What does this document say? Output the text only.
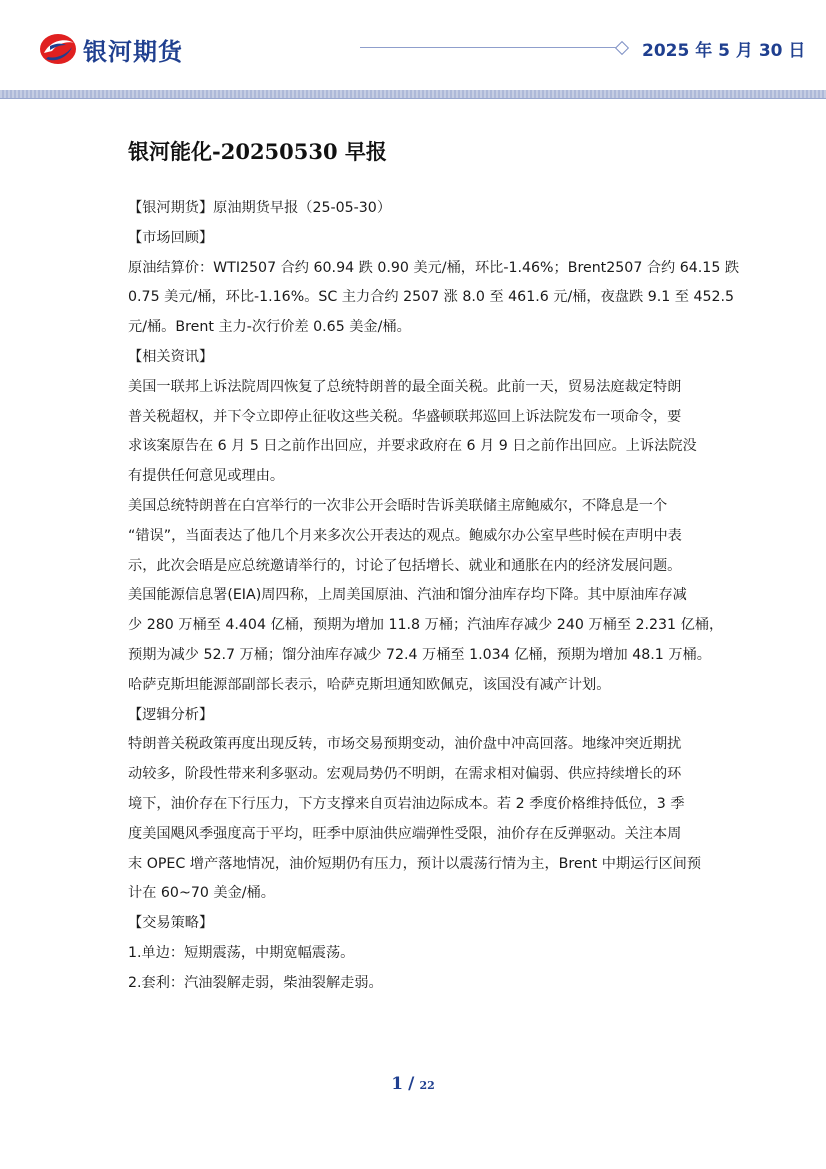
银河期货	2025 年 5 月 30 日
银河能化-20250530 早报

【银河期货】原油期货早报（25-05-30）

【市场回顾】

原油结算价：WTI2507 合约 60.94 跌 0.90 美元/桶，环比-1.46%；Brent2507 合约 64.15 跌

0.75 美元/桶，环比-1.16%。SC 主力合约 2507 涨 8.0 至 461.6 元/桶，夜盘跌 9.1 至 452.5

元/桶。Brent 主力-次行价差 0.65 美金/桶。

【相关资讯】

美国一联邦上诉法院周四恢复了总统特朗普的最全面关税。此前一天，贸易法庭裁定特朗

普关税超权，并下令立即停止征收这些关税。华盛顿联邦巡回上诉法院发布一项命令，要

求该案原告在 6 月 5 日之前作出回应，并要求政府在 6 月 9 日之前作出回应。上诉法院没

有提供任何意见或理由。

美国总统特朗普在白宫举行的一次非公开会晤时告诉美联储主席鲍威尔，不降息是一个

“错误”，当面表达了他几个月来多次公开表达的观点。鲍威尔办公室早些时候在声明中表

示，此次会晤是应总统邀请举行的，讨论了包括增长、就业和通胀在内的经济发展问题。

美国能源信息署(EIA)周四称，上周美国原油、汽油和馏分油库存均下降。其中原油库存减

少 280 万桶至 4.404 亿桶，预期为增加 11.8 万桶；汽油库存减少 240 万桶至 2.231 亿桶，

预期为减少 52.7 万桶；馏分油库存减少 72.4 万桶至 1.034 亿桶，预期为增加 48.1 万桶。

哈萨克斯坦能源部副部长表示，哈萨克斯坦通知欧佩克，该国没有减产计划。

【逻辑分析】

特朗普关税政策再度出现反转，市场交易预期变动，油价盘中冲高回落。地缘冲突近期扰

动较多，阶段性带来利多驱动。宏观局势仍不明朗，在需求相对偏弱、供应持续增长的环

境下，油价存在下行压力，下方支撑来自页岩油边际成本。若 2 季度价格维持低位，3 季

度美国飓风季强度高于平均，旺季中原油供应端弹性受限，油价存在反弹驱动。关注本周

末 OPEC 增产落地情况，油价短期仍有压力，预计以震荡行情为主，Brent 中期运行区间预

计在 60~70 美金/桶。

【交易策略】

1.单边：短期震荡，中期宽幅震荡。

2.套利：汽油裂解走弱，柴油裂解走弱。

1 / 22
